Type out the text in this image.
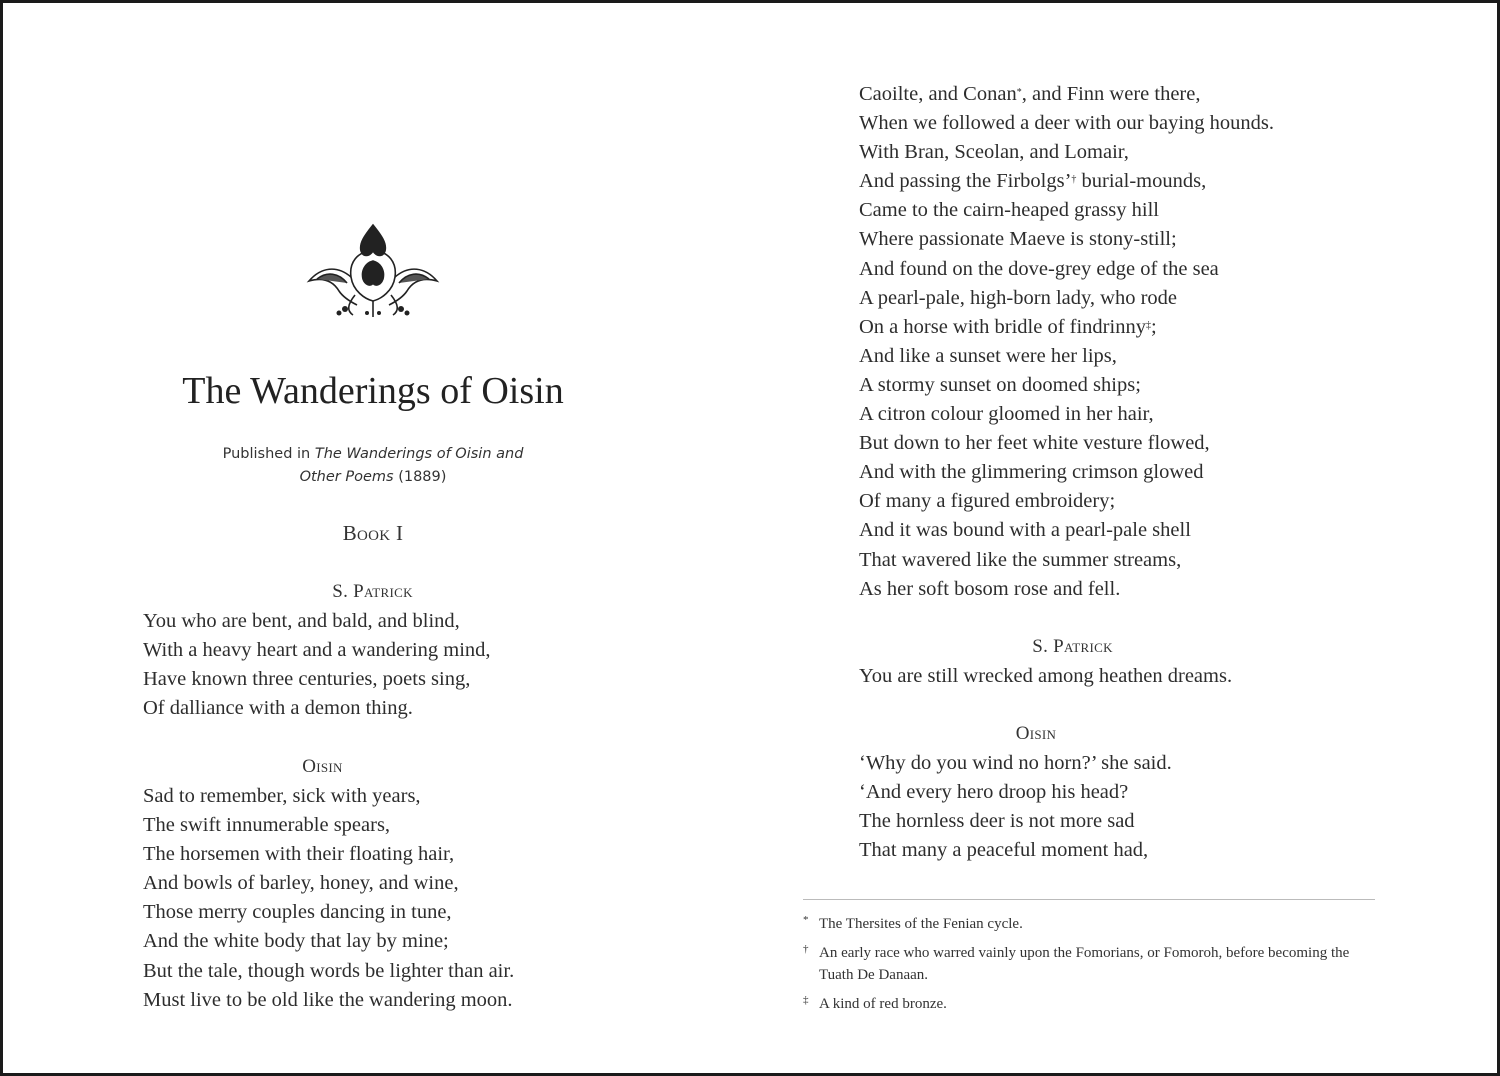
The Wanderings of Oisin
Published in The Wanderings of Oisin and
Other Poems (1889)
Book I
S. Patrick
You who are bent, and bald, and blind,
With a heavy heart and a wandering mind,
Have known three centuries, poets sing,
Of dalliance with a demon thing.
Oisin
Sad to remember, sick with years,
The swift innumerable spears,
The horsemen with their floating hair,
And bowls of barley, honey, and wine,
Those merry couples dancing in tune,
And the white body that lay by mine;
But the tale, though words be lighter than air.
Must live to be old like the wandering moon.
Caoilte, and Conan*, and Finn were there,
When we followed a deer with our baying hounds.
With Bran, Sceolan, and Lomair,
And passing the Firbolgs’† burial-mounds,
Came to the cairn-heaped grassy hill
Where passionate Maeve is stony-still;
And found on the dove-grey edge of the sea
A pearl-pale, high-born lady, who rode
On a horse with bridle of findrinny‡;
And like a sunset were her lips,
A stormy sunset on doomed ships;
A citron colour gloomed in her hair,
But down to her feet white vesture flowed,
And with the glimmering crimson glowed
Of many a figured embroidery;
And it was bound with a pearl-pale shell
That wavered like the summer streams,
As her soft bosom rose and fell.
S. Patrick
You are still wrecked among heathen dreams.
Oisin
‘Why do you wind no horn?’ she said.
‘And every hero droop his head?
The hornless deer is not more sad
That many a peaceful moment had,
* The Thersites of the Fenian cycle.
† An early race who warred vainly upon the Fomorians, or Fomoroh, before becoming the Tuath De Danaan.
‡ A kind of red bronze.
